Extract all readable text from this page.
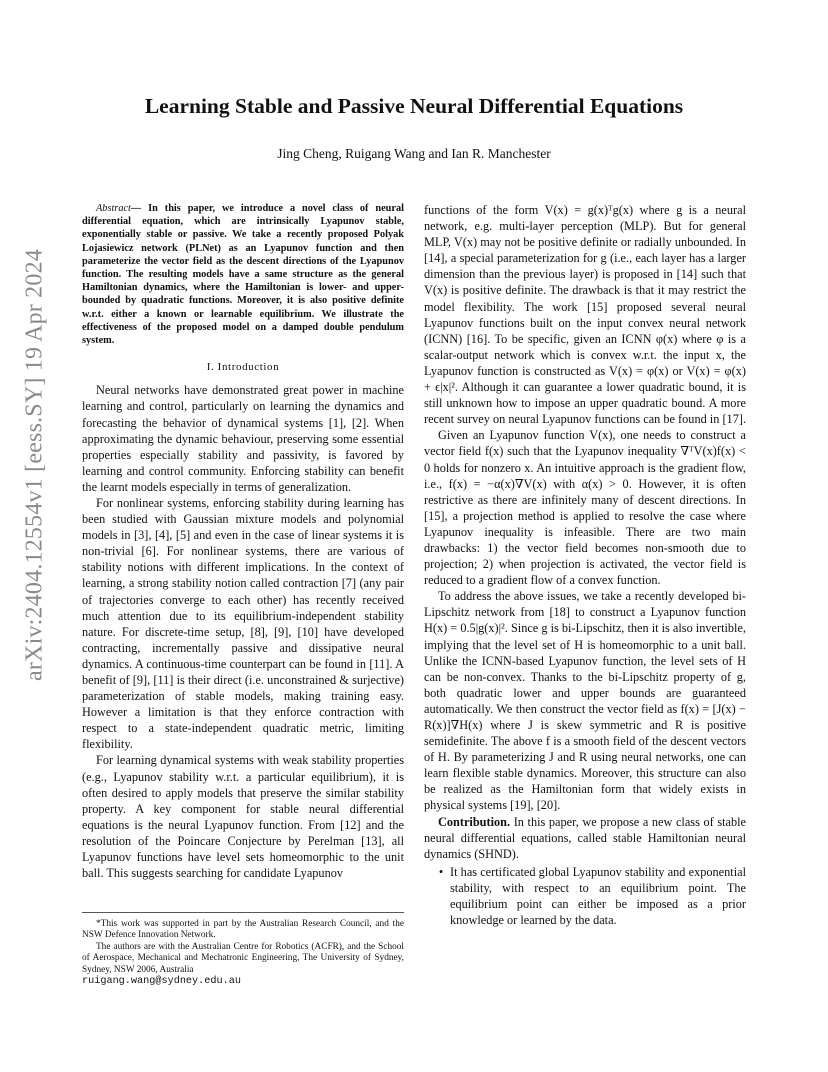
arXiv:2404.12554v1 [eess.SY] 19 Apr 2024
Learning Stable and Passive Neural Differential Equations
Jing Cheng, Ruigang Wang and Ian R. Manchester

Abstract— In this paper, we introduce a novel class of neural differential equation, which are intrinsically Lyapunov stable, exponentially stable or passive. We take a recently proposed Polyak Lojasiewicz network (PLNet) as an Lyapunov function and then parameterize the vector field as the descent directions of the Lyapunov function. The resulting models have a same structure as the general Hamiltonian dynamics, where the Hamiltonian is lower- and upper-bounded by quadratic functions. Moreover, it is also positive definite w.r.t. either a known or learnable equilibrium. We illustrate the effectiveness of the proposed model on a damped double pendulum system.

I. Introduction

Neural networks have demonstrated great power in machine learning and control, particularly on learning the dynamics and forecasting the behavior of dynamical systems [1], [2]. When approximating the dynamic behaviour, preserving some essential properties especially stability and passivity, is favored by learning and control community. Enforcing stability can benefit the learnt models especially in terms of generalization.

For nonlinear systems, enforcing stability during learning has been studied with Gaussian mixture models and polynomial models in [3], [4], [5] and even in the case of linear systems it is non-trivial [6]. For nonlinear systems, there are various of stability notions with different implications. In the context of learning, a strong stability notion called contraction [7] (any pair of trajectories converge to each other) has recently received much attention due to its equilibrium-independent stability nature. For discrete-time setup, [8], [9], [10] have developed contracting, incrementally passive and dissipative neural dynamics. A continuous-time counterpart can be found in [11]. A benefit of [9], [11] is their direct (i.e. unconstrained & surjective) parameterization of stable models, making training easy. However a limitation is that they enforce contraction with respect to a state-independent quadratic metric, limiting flexibility.

For learning dynamical systems with weak stability properties (e.g., Lyapunov stability w.r.t. a particular equilibrium), it is often desired to apply models that preserve the similar stability property. A key component for stable neural differential equations is the neural Lyapunov function. From [12] and the resolution of the Poincare Conjecture by Perelman [13], all Lyapunov functions have level sets homeomorphic to the unit ball. This suggests searching for candidate Lyapunov

*This work was supported in part by the Australian Research Council, and the NSW Defence Innovation Network.

The authors are with the Australian Centre for Robotics (ACFR), and the School of Aerospace, Mechanical and Mechatronic Engineering, The University of Sydney, Sydney, NSW 2006, Australia

ruigang.wang@sydney.edu.au

functions of the form V(x) = g(x)ᵀg(x) where g is a neural network, e.g. multi-layer perception (MLP). But for general MLP, V(x) may not be positive definite or radially unbounded. In [14], a special parameterization for g (i.e., each layer has a larger dimension than the previous layer) is proposed in [14] such that V(x) is positive definite. The drawback is that it may restrict the model flexibility. The work [15] proposed several neural Lyapunov functions built on the input convex neural network (ICNN) [16]. To be specific, given an ICNN φ(x) where φ is a scalar-output network which is convex w.r.t. the input x, the Lyapunov function is constructed as V(x) = φ(x) or V(x) = φ(x) + ϵ|x|². Although it can guarantee a lower quadratic bound, it is still unknown how to impose an upper quadratic bound. A more recent survey on neural Lyapunov functions can be found in [17].

Given an Lyapunov function V(x), one needs to construct a vector field f(x) such that the Lyapunov inequality ∇ᵀV(x)f(x) < 0 holds for nonzero x. An intuitive approach is the gradient flow, i.e., f(x) = −α(x)∇V(x) with α(x) > 0. However, it is often restrictive as there are infinitely many of descent directions. In [15], a projection method is applied to resolve the case where Lyapunov inequality is infeasible. There are two main drawbacks: 1) the vector field becomes non-smooth due to projection; 2) when projection is activated, the vector field is reduced to a gradient flow of a convex function.

To address the above issues, we take a recently developed bi-Lipschitz network from [18] to construct a Lyapunov function H(x) = 0.5|g(x)|². Since g is bi-Lipschitz, then it is also invertible, implying that the level set of H is homeomorphic to a unit ball. Unlike the ICNN-based Lyapunov function, the level sets of H can be non-convex. Thanks to the bi-Lipschitz property of g, both quadratic lower and upper bounds are guaranteed automatically. We then construct the vector field as f(x) = [J(x) − R(x)]∇H(x) where J is skew symmetric and R is positive semidefinite. The above f is a smooth field of the descent vectors of H. By parameterizing J and R using neural networks, one can learn flexible stable dynamics. Moreover, this structure can also be realized as the Hamiltonian form that widely exists in physical systems [19], [20].

Contribution. In this paper, we propose a new class of stable neural differential equations, called stable Hamiltonian neural dynamics (SHND).

• It has certificated global Lyapunov stability and exponential stability, with respect to an equilibrium point. The equilibrium point can either be imposed as a prior knowledge or learned by the data.
